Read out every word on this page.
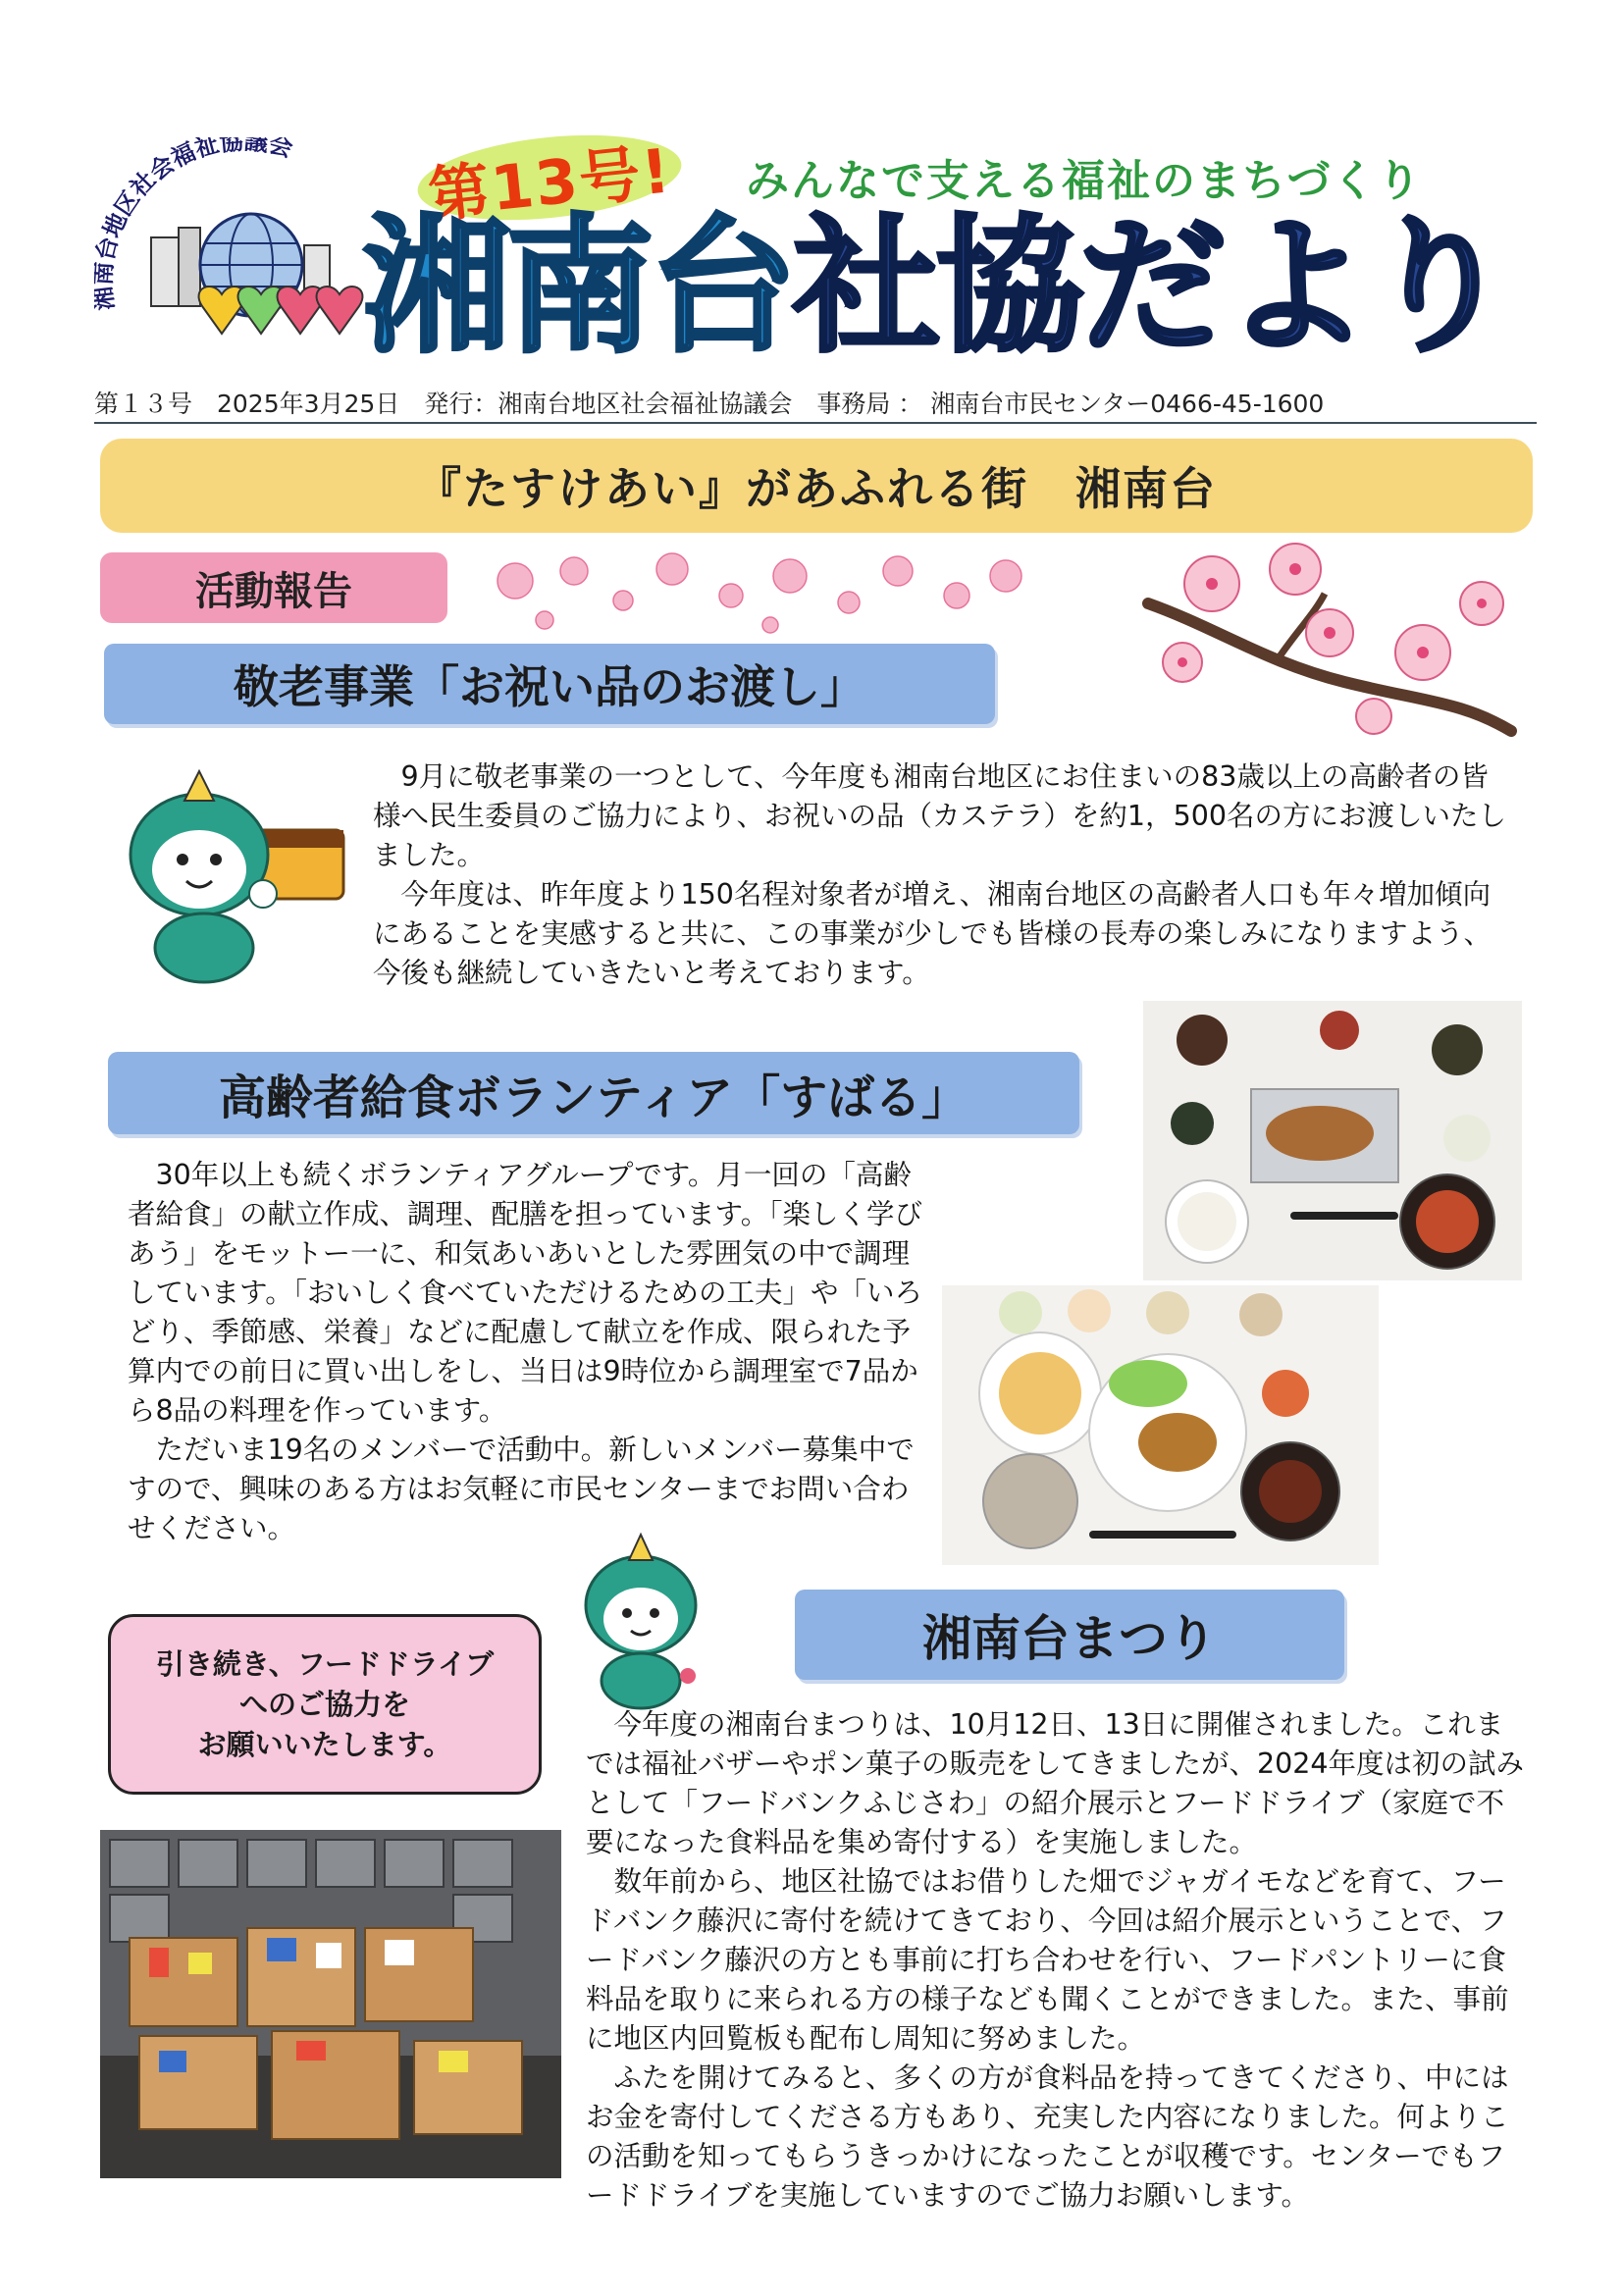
台地区社会福祉協議会 第13号! みんなで支える福祉のまちづくり
湘南台社協だより
第１３号　2025年3月25日　発行：湘南台地区社会福祉協議会　事務局 ： 湘南台市民センター0466-45-1600
『たすけあい』があふれる街　湘南台
活動報告
敬老事業「お祝い品のお渡し」

9月に敬老事業の一つとして、今年度も湘南台地区にお住まいの83歳以上の高齢者の皆様へ民生委員のご協力により、お祝いの品（カステラ）を約1，500名の方にお渡しいたしました。

今年度は、昨年度より150名程対象者が増え、湘南台地区の高齢者人口も年々増加傾向にあることを実感すると共に、この事業が少しでも皆様の長寿の楽しみになりますよう、今後も継続していきたいと考えております。

高齢者給食ボランティア「すばる」

30年以上も続くボランティアグループです。月一回の「高齢者給食」の献立作成、調理、配膳を担っています。「楽しく学びあう」をモットー一に、和気あいあいとした雰囲気の中で調理しています。「おいしく食べていただけるための工夫」や「いろどり、季節感、栄養」などに配慮して献立を作成、限られた予算内での前日に買い出しをし、当日は9時位から調理室で7品から8品の料理を作っています。

ただいま19名のメンバーで活動中。新しいメンバー募集中ですので、興味のある方はお気軽に市民センターまでお問い合わせください。

湘南台まつり
引き続き、フードドライブ
へのご協力を
お願いいたします。

今年度の湘南台まつりは、10月12日、13日に開催されました。これまでは福祉バザーやポン菓子の販売をしてきましたが、2024年度は初の試みとして「フードバンクふじさわ」の紹介展示とフードドライブ（家庭で不要になった食料品を集め寄付する）を実施しました。

数年前から、地区社協ではお借りした畑でジャガイモなどを育て、フードバンク藤沢に寄付を続けてきており、今回は紹介展示ということで、フードバンク藤沢の方とも事前に打ち合わせを行い、フードパントリーに食料品を取りに来られる方の様子なども聞くことができました。また、事前に地区内回覧板も配布し周知に努めました。

ふたを開けてみると、多くの方が食料品を持ってきてくださり、中にはお金を寄付してくださる方もあり、充実した内容になりました。何よりこの活動を知ってもらうきっかけになったことが収穫です。センターでもフードドライブを実施していますのでご協力お願いします。
